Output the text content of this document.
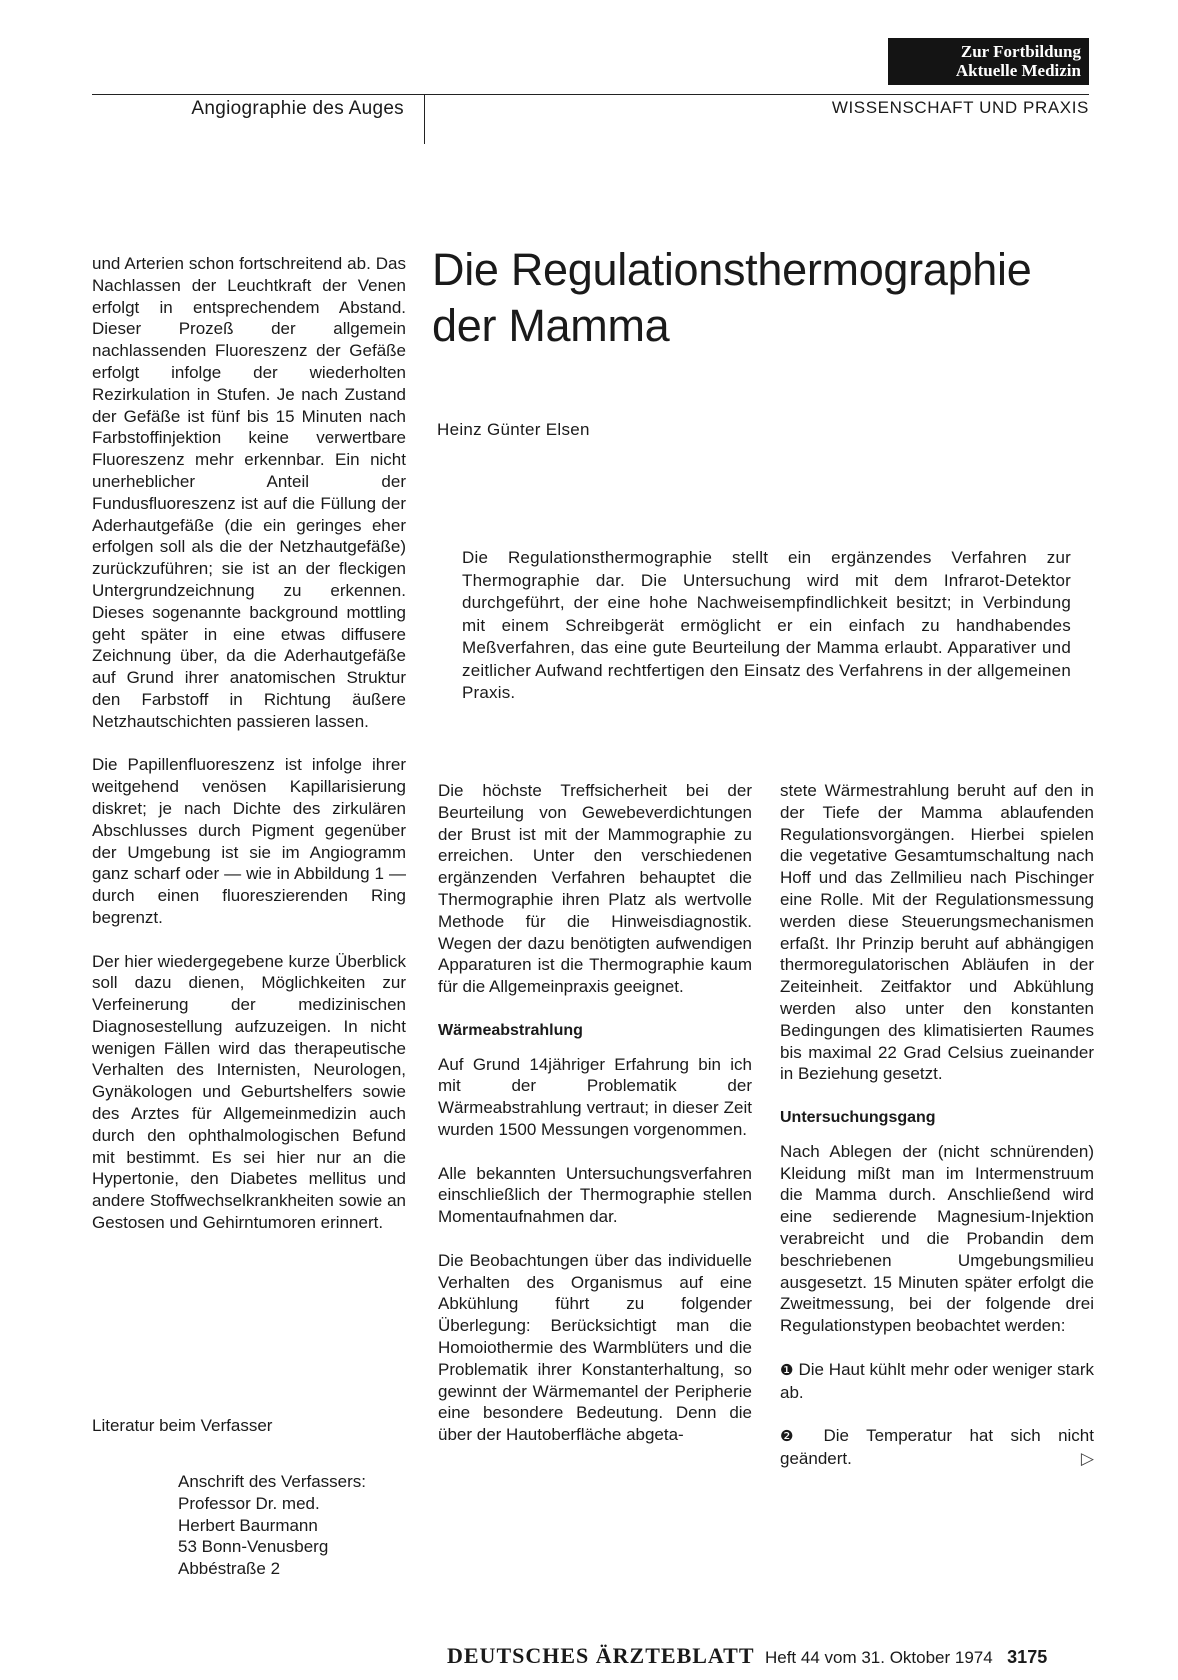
Zur Fortbildung
Aktuelle Medizin
Angiographie des Auges	WISSENSCHAFT UND PRAXIS

und Arterien schon fortschreitend ab. Das Nachlassen der Leuchtkraft der Venen erfolgt in entsprechendem Abstand. Dieser Prozeß der allgemein nachlassenden Fluoreszenz der Gefäße erfolgt infolge der wiederholten Rezirkulation in Stufen. Je nach Zustand der Gefäße ist fünf bis 15 Minuten nach Farbstoffinjektion keine verwertbare Fluoreszenz mehr erkennbar. Ein nicht unerheblicher Anteil der Fundusfluoreszenz ist auf die Füllung der Aderhautgefäße (die ein geringes eher erfolgen soll als die der Netzhautgefäße) zurückzuführen; sie ist an der fleckigen Untergrundzeichnung zu erkennen. Dieses sogenannte background mottling geht später in eine etwas diffusere Zeichnung über, da die Aderhautgefäße auf Grund ihrer anatomischen Struktur den Farbstoff in Richtung äußere Netzhautschichten passieren lassen.

Die Papillenfluoreszenz ist infolge ihrer weitgehend venösen Kapillarisierung diskret; je nach Dichte des zirkulären Abschlusses durch Pigment gegenüber der Umgebung ist sie im Angiogramm ganz scharf oder — wie in Abbildung 1 — durch einen fluoreszierenden Ring begrenzt.

Der hier wiedergegebene kurze Überblick soll dazu dienen, Möglichkeiten zur Verfeinerung der medizinischen Diagnosestellung aufzuzeigen. In nicht wenigen Fällen wird das therapeutische Verhalten des Internisten, Neurologen, Gynäkologen und Geburtshelfers sowie des Arztes für Allgemeinmedizin auch durch den ophthalmologischen Befund mit bestimmt. Es sei hier nur an die Hypertonie, den Diabetes mellitus und andere Stoffwechselkrankheiten sowie an Gestosen und Gehirntumoren erinnert.

Literatur beim Verfasser
Anschrift des Verfassers:
Professor Dr. med.
Herbert Baurmann
53 Bonn-Venusberg
Abbéstraße 2
Die Regulationsthermographie der Mamma
Heinz Günter Elsen
Die Regulationsthermographie stellt ein ergänzendes Verfahren zur Thermographie dar. Die Untersuchung wird mit dem Infrarot-Detektor durchgeführt, der eine hohe Nachweisempfindlichkeit besitzt; in Verbindung mit einem Schreibgerät ermöglicht er ein einfach zu handhabendes Meßverfahren, das eine gute Beurteilung der Mamma erlaubt. Apparativer und zeitlicher Aufwand rechtfertigen den Einsatz des Verfahrens in der allgemeinen Praxis.

Die höchste Treffsicherheit bei der Beurteilung von Gewebeverdichtungen der Brust ist mit der Mammographie zu erreichen. Unter den verschiedenen ergänzenden Verfahren behauptet die Thermographie ihren Platz als wertvolle Methode für die Hinweisdiagnostik. Wegen der dazu benötigten aufwendigen Apparaturen ist die Thermographie kaum für die Allgemeinpraxis geeignet.

Wärmeabstrahlung

Auf Grund 14jähriger Erfahrung bin ich mit der Problematik der Wärmeabstrahlung vertraut; in dieser Zeit wurden 1500 Messungen vorgenommen.

Alle bekannten Untersuchungsverfahren einschließlich der Thermographie stellen Momentaufnahmen dar.

Die Beobachtungen über das individuelle Verhalten des Organismus auf eine Abkühlung führt zu folgender Überlegung: Berücksichtigt man die Homoiothermie des Warmblüters und die Problematik ihrer Konstanterhaltung, so gewinnt der Wärmemantel der Peripherie eine besondere Bedeutung. Denn die über der Hautoberfläche abgeta-

stete Wärmestrahlung beruht auf den in der Tiefe der Mamma ablaufenden Regulationsvorgängen. Hierbei spielen die vegetative Gesamtumschaltung nach Hoff und das Zellmilieu nach Pischinger eine Rolle. Mit der Regulationsmessung werden diese Steuerungsmechanismen erfaßt. Ihr Prinzip beruht auf abhängigen thermoregulatorischen Abläufen in der Zeiteinheit. Zeitfaktor und Abkühlung werden also unter den konstanten Bedingungen des klimatisierten Raumes bis maximal 22 Grad Celsius zueinander in Beziehung gesetzt.

Untersuchungsgang

Nach Ablegen der (nicht schnürenden) Kleidung mißt man im Intermenstruum die Mamma durch. Anschließend wird eine sedierende Magnesium-Injektion verabreicht und die Probandin dem beschriebenen Umgebungsmilieu ausgesetzt. 15 Minuten später erfolgt die Zweitmessung, bei der folgende drei Regulationstypen beobachtet werden:

❶ Die Haut kühlt mehr oder weniger stark ab.

❷ Die Temperatur hat sich nicht geändert.	▷

DEUTSCHES ÄRZTEBLATT Heft 44 vom 31. Oktober 1974 3175
